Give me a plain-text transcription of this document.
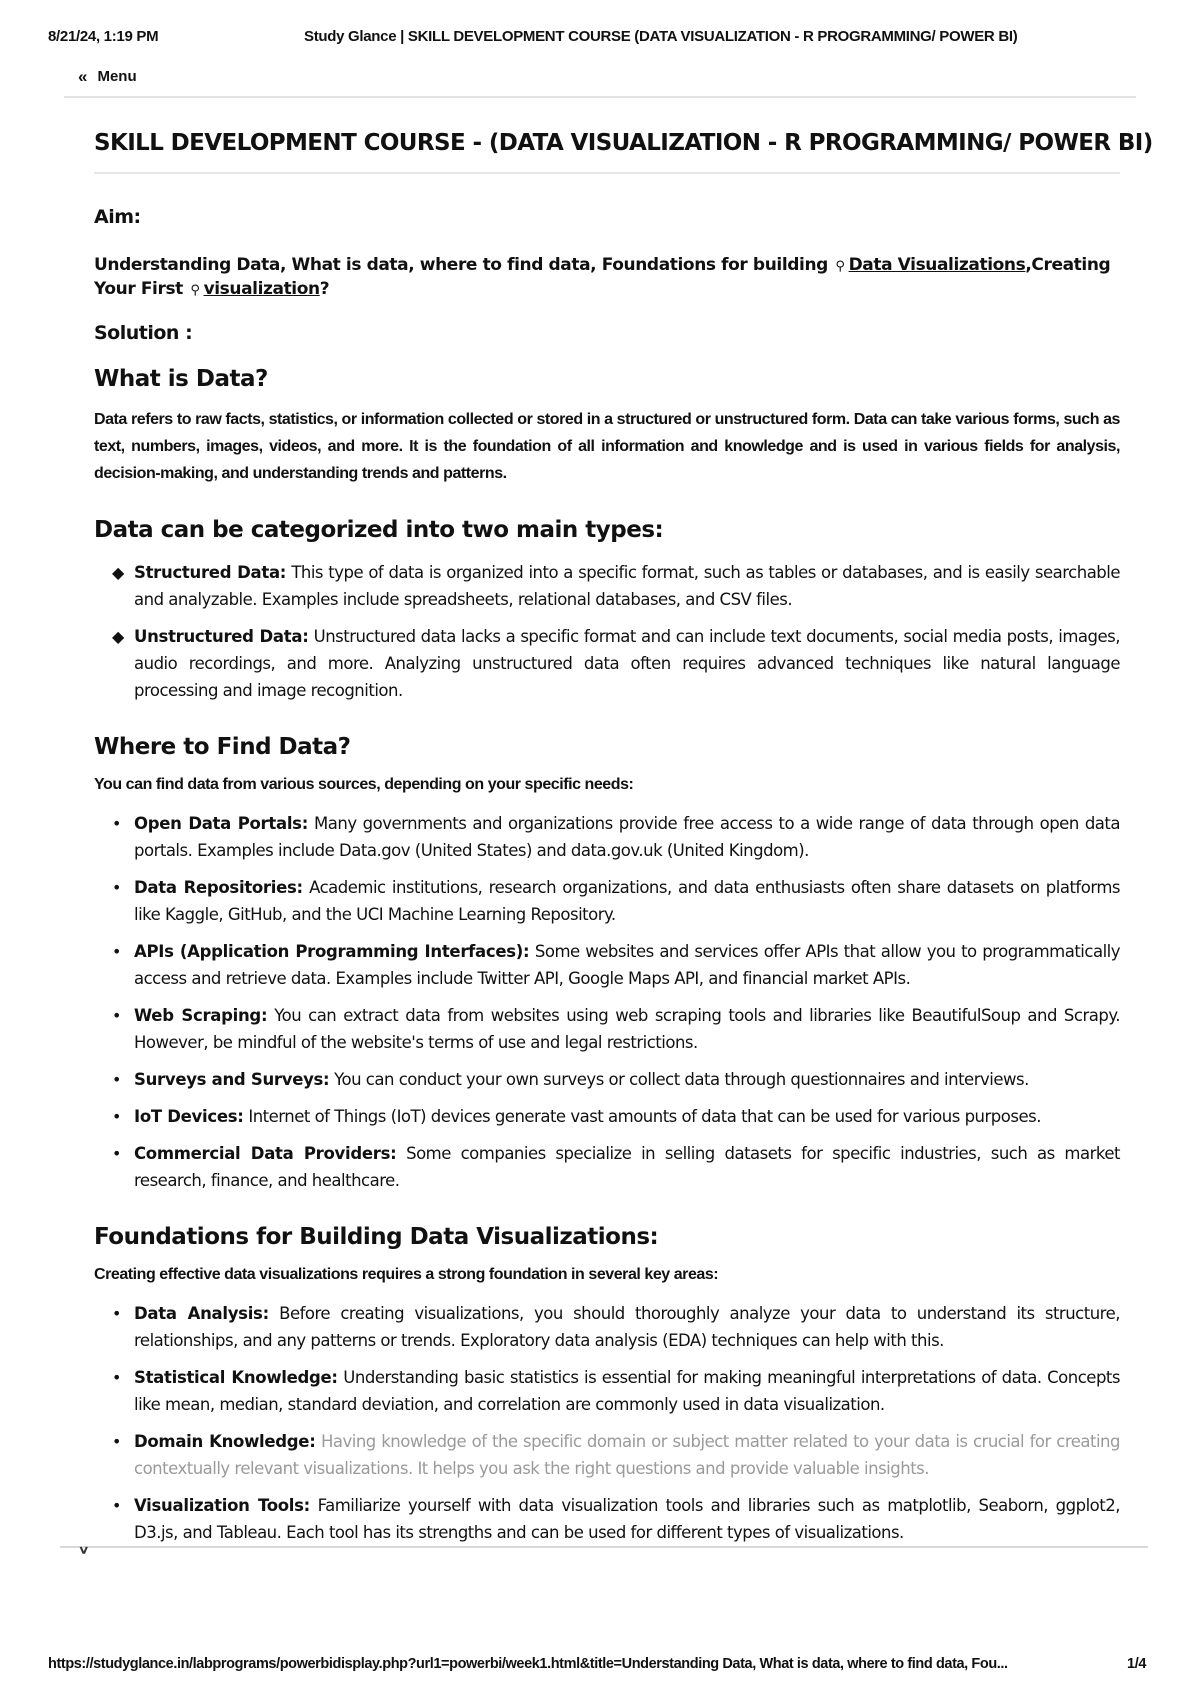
8/21/24, 1:19 PM	Study Glance | SKILL DEVELOPMENT COURSE (DATA VISUALIZATION - R PROGRAMMING/ POWER BI)
« Menu
SKILL DEVELOPMENT COURSE - (DATA VISUALIZATION - R PROGRAMMING/ POWER BI)
Aim:
Understanding Data, What is data, where to find data, Foundations for building ⚲ Data Visualizations,Creating Your First ⚲ visualization?
Solution :
What is Data?
Data refers to raw facts, statistics, or information collected or stored in a structured or unstructured form. Data can take various forms, such as text, numbers, images, videos, and more. It is the foundation of all information and knowledge and is used in various fields for analysis, decision-making, and understanding trends and patterns.
Data can be categorized into two main types:
◆ Structured Data: This type of data is organized into a specific format, such as tables or databases, and is easily searchable and analyzable. Examples include spreadsheets, relational databases, and CSV files.
◆ Unstructured Data: Unstructured data lacks a specific format and can include text documents, social media posts, images, audio recordings, and more. Analyzing unstructured data often requires advanced techniques like natural language processing and image recognition.
Where to Find Data?
You can find data from various sources, depending on your specific needs:
• Open Data Portals: Many governments and organizations provide free access to a wide range of data through open data portals. Examples include Data.gov (United States) and data.gov.uk (United Kingdom).
• Data Repositories: Academic institutions, research organizations, and data enthusiasts often share datasets on platforms like Kaggle, GitHub, and the UCI Machine Learning Repository.
• APIs (Application Programming Interfaces): Some websites and services offer APIs that allow you to programmatically access and retrieve data. Examples include Twitter API, Google Maps API, and financial market APIs.
• Web Scraping: You can extract data from websites using web scraping tools and libraries like BeautifulSoup and Scrapy. However, be mindful of the website's terms of use and legal restrictions.
• Surveys and Surveys: You can conduct your own surveys or collect data through questionnaires and interviews.
• IoT Devices: Internet of Things (IoT) devices generate vast amounts of data that can be used for various purposes.
• Commercial Data Providers: Some companies specialize in selling datasets for specific industries, such as market research, finance, and healthcare.
Foundations for Building Data Visualizations:
Creating effective data visualizations requires a strong foundation in several key areas:
• Data Analysis: Before creating visualizations, you should thoroughly analyze your data to understand its structure, relationships, and any patterns or trends. Exploratory data analysis (EDA) techniques can help with this.
• Statistical Knowledge: Understanding basic statistics is essential for making meaningful interpretations of data. Concepts like mean, median, standard deviation, and correlation are commonly used in data visualization.
• Domain Knowledge: Having knowledge of the specific domain or subject matter related to your data is crucial for creating contextually relevant visualizations. It helps you ask the right questions and provide valuable insights.
• Visualization Tools: Familiarize yourself with data visualization tools and libraries such as matplotlib, Seaborn, ggplot2, D3.js, and Tableau. Each tool has its strengths and can be used for different types of visualizations.
∨
https://studyglance.in/labprograms/powerbidisplay.php?url1=powerbi/week1.html&title=Understanding Data, What is data, where to find data, Fou...	1/4
